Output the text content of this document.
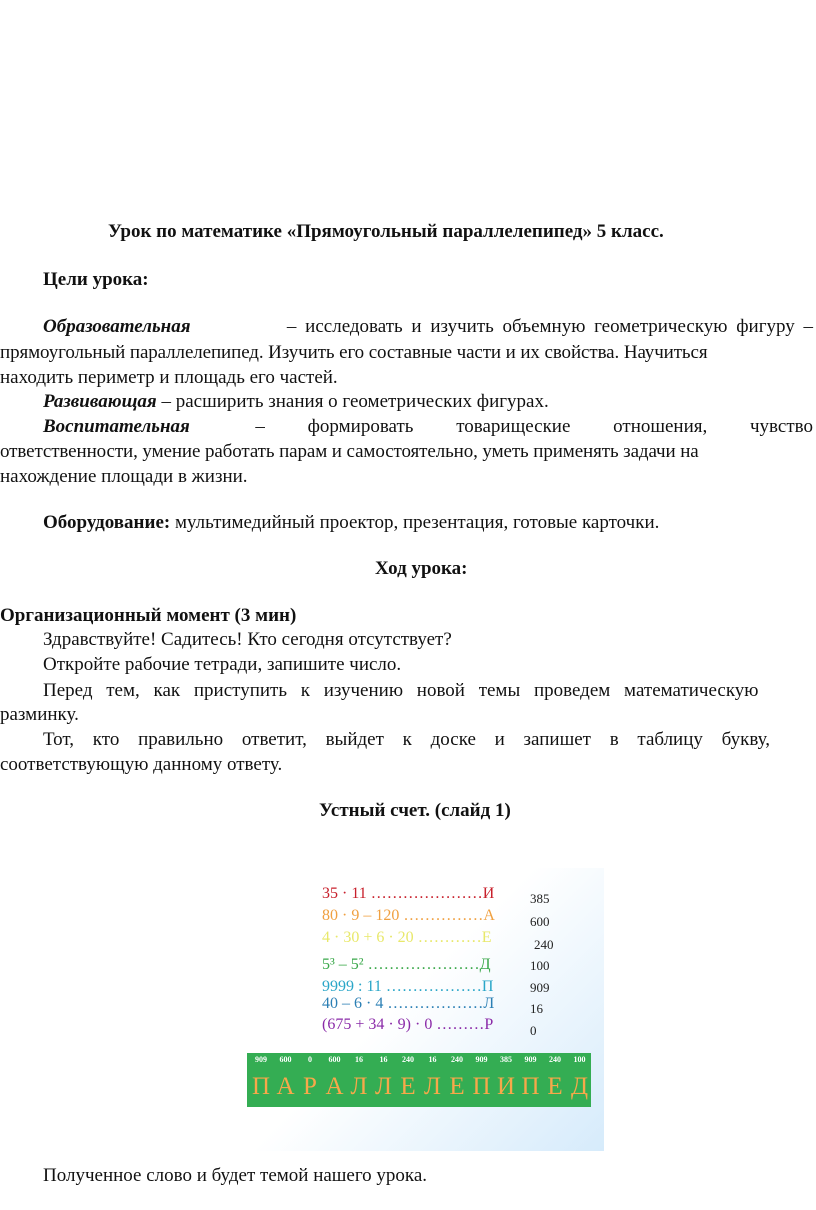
Урок по математике «Прямоугольный параллелепипед» 5 класс.
Цели урока:
Образовательная	– исследовать и изучить объемную геометрическую фигуру –
прямоугольный параллелепипед. Изучить его составные части и их свойства. Научиться
находить периметр и площадь его частей.
Развивающая – расширить знания о геометрических фигурах.
Воспитательная	– формировать товарищеские отношения, чувство
ответственности, умение работать парам и самостоятельно, уметь применять задачи на
нахождение площади в жизни.
Оборудование: мультимедийный проектор, презентация, готовые карточки.
Ход урока:
Организационный момент (3 мин)
Здравствуйте! Садитесь! Кто сегодня отсутствует?
Откройте рабочие тетради, запишите число.
Перед тем, как приступить к изучению новой темы проведем математическую
разминку.
Тот, кто правильно ответит, выйдет к доске и запишет в таблицу букву,
соответствующую данному ответу.
Устный счет. (слайд 1)
35 · 11 …………………И
80 · 9 – 120 ……………А
4 · 30 + 6 · 20 …………Е
5³ – 5² …………………Д
9999 : 11 ………………П
40 – 6 · 4 ………………Л
(675 + 34 · 9) · 0 ………Р
385
600
240
100
909
16
0
909	600	0	600	16	16	240	16	240	909	385	909	240	100
П А Р А Л Л Е Л Е П И П Е Д
Полученное слово и будет темой нашего урока.
